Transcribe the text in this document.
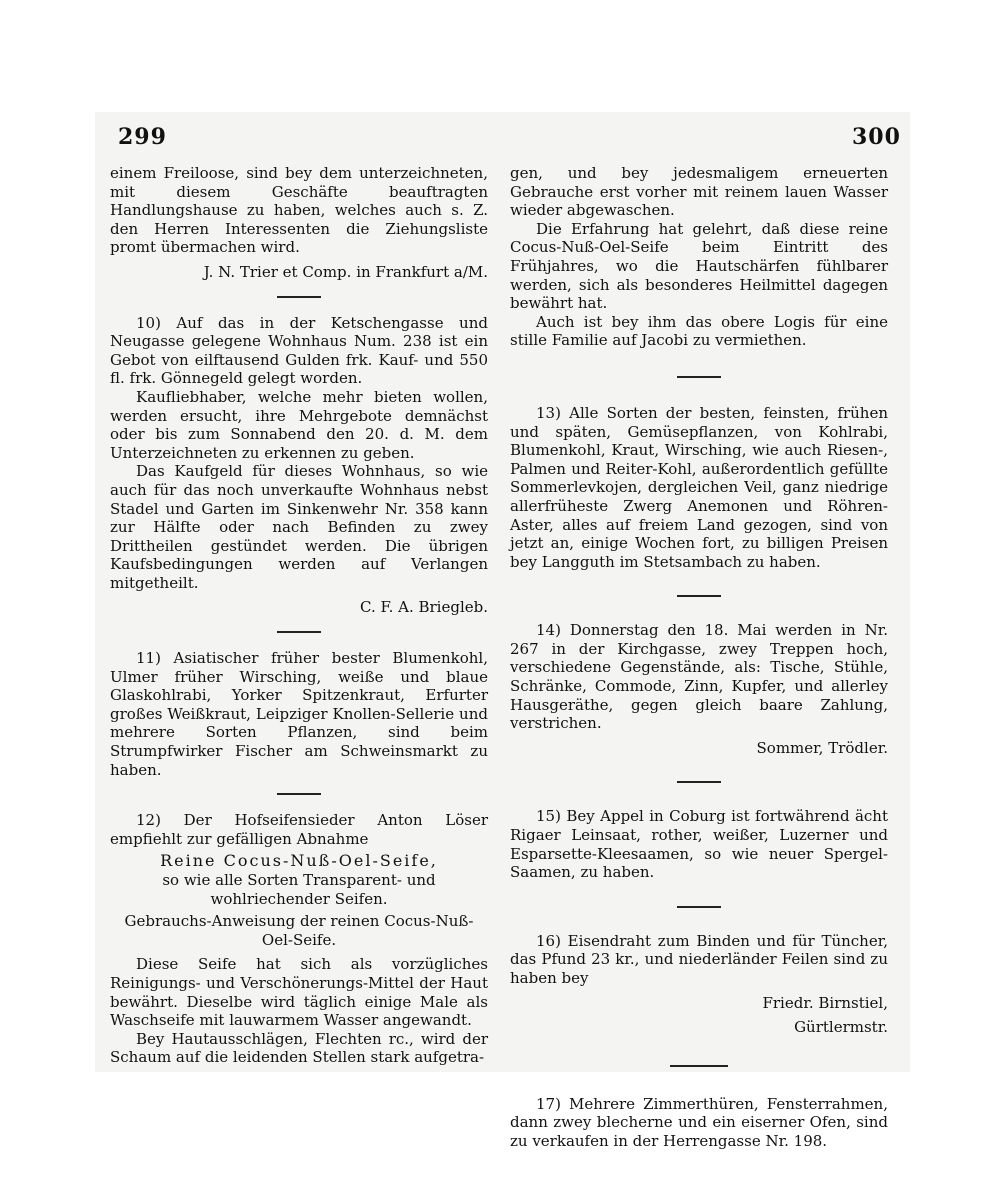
299	300

einem Freiloose, sind bey dem unterzeichneten, mit diesem Geschäfte beauftragten Handlungshause zu haben, welches auch s. Z. den Herren Interessenten die Ziehungsliste promt übermachen wird.

J. N. Trier et Comp. in Frankfurt a/M.

10) Auf das in der Ketschengasse und Neugasse gelegene Wohnhaus Num. 238 ist ein Gebot von eilftausend Gulden frk. Kauf- und 550 fl. frk. Gönnegeld gelegt worden.

Kaufliebhaber, welche mehr bieten wollen, werden ersucht, ihre Mehrgebote demnächst oder bis zum Sonnabend den 20. d. M. dem Unterzeichneten zu erkennen zu geben.

Das Kaufgeld für dieses Wohnhaus, so wie auch für das noch unverkaufte Wohnhaus nebst Stadel und Garten im Sinkenwehr Nr. 358 kann zur Hälfte oder nach Befinden zu zwey Drittheilen gestündet werden. Die übrigen Kaufsbedingungen werden auf Verlangen mitgetheilt.

C. F. A. Briegleb.

11) Asiatischer früher bester Blumenkohl, Ulmer früher Wirsching, weiße und blaue Glaskohlrabi, Yorker Spitzenkraut, Erfurter großes Weißkraut, Leipziger Knollen-Sellerie und mehrere Sorten Pflanzen, sind beim Strumpfwirker Fischer am Schweinsmarkt zu haben.

12) Der Hofseifensieder Anton Löser empfiehlt zur gefälligen Abnahme

Reine Cocus-Nuß-Oel-Seife,

so wie alle Sorten Transparent- und wohlriechender Seifen.

Gebrauchs-Anweisung der reinen Cocus-Nuß-Oel-Seife.

Diese Seife hat sich als vorzügliches Reinigungs- und Verschönerungs-Mittel der Haut bewährt. Dieselbe wird täglich einige Male als Waschseife mit lauwarmem Wasser angewandt.

Bey Hautausschlägen, Flechten rc., wird der Schaum auf die leidenden Stellen stark aufgetra-

gen, und bey jedesmaligem erneuerten Gebrauche erst vorher mit reinem lauen Wasser wieder abgewaschen.

Die Erfahrung hat gelehrt, daß diese reine Cocus-Nuß-Oel-Seife beim Eintritt des Frühjahres, wo die Hautschärfen fühlbarer werden, sich als besonderes Heilmittel dagegen bewährt hat.

Auch ist bey ihm das obere Logis für eine stille Familie auf Jacobi zu vermiethen.

13) Alle Sorten der besten, feinsten, frühen und späten, Gemüsepflanzen, von Kohlrabi, Blumenkohl, Kraut, Wirsching, wie auch Riesen-, Palmen und Reiter-Kohl, außerordentlich gefüllte Sommerlevkojen, dergleichen Veil, ganz niedrige allerfrüheste Zwerg Anemonen und Röhren-Aster, alles auf freiem Land gezogen, sind von jetzt an, einige Wochen fort, zu billigen Preisen bey Langguth im Stetsambach zu haben.

14) Donnerstag den 18. Mai werden in Nr. 267 in der Kirchgasse, zwey Treppen hoch, verschiedene Gegenstände, als: Tische, Stühle, Schränke, Commode, Zinn, Kupfer, und allerley Hausgeräthe, gegen gleich baare Zahlung, verstrichen.

Sommer, Trödler.

15) Bey Appel in Coburg ist fortwährend ächt Rigaer Leinsaat, rother, weißer, Luzerner und Esparsette-Kleesaamen, so wie neuer Spergel-Saamen, zu haben.

16) Eisendraht zum Binden und für Tüncher, das Pfund 23 kr., und niederländer Feilen sind zu haben bey

Friedr. Birnstiel,

Gürtlermstr.

17) Mehrere Zimmerthüren, Fensterrahmen, dann zwey blecherne und ein eiserner Ofen, sind zu verkaufen in der Herrengasse Nr. 198.
